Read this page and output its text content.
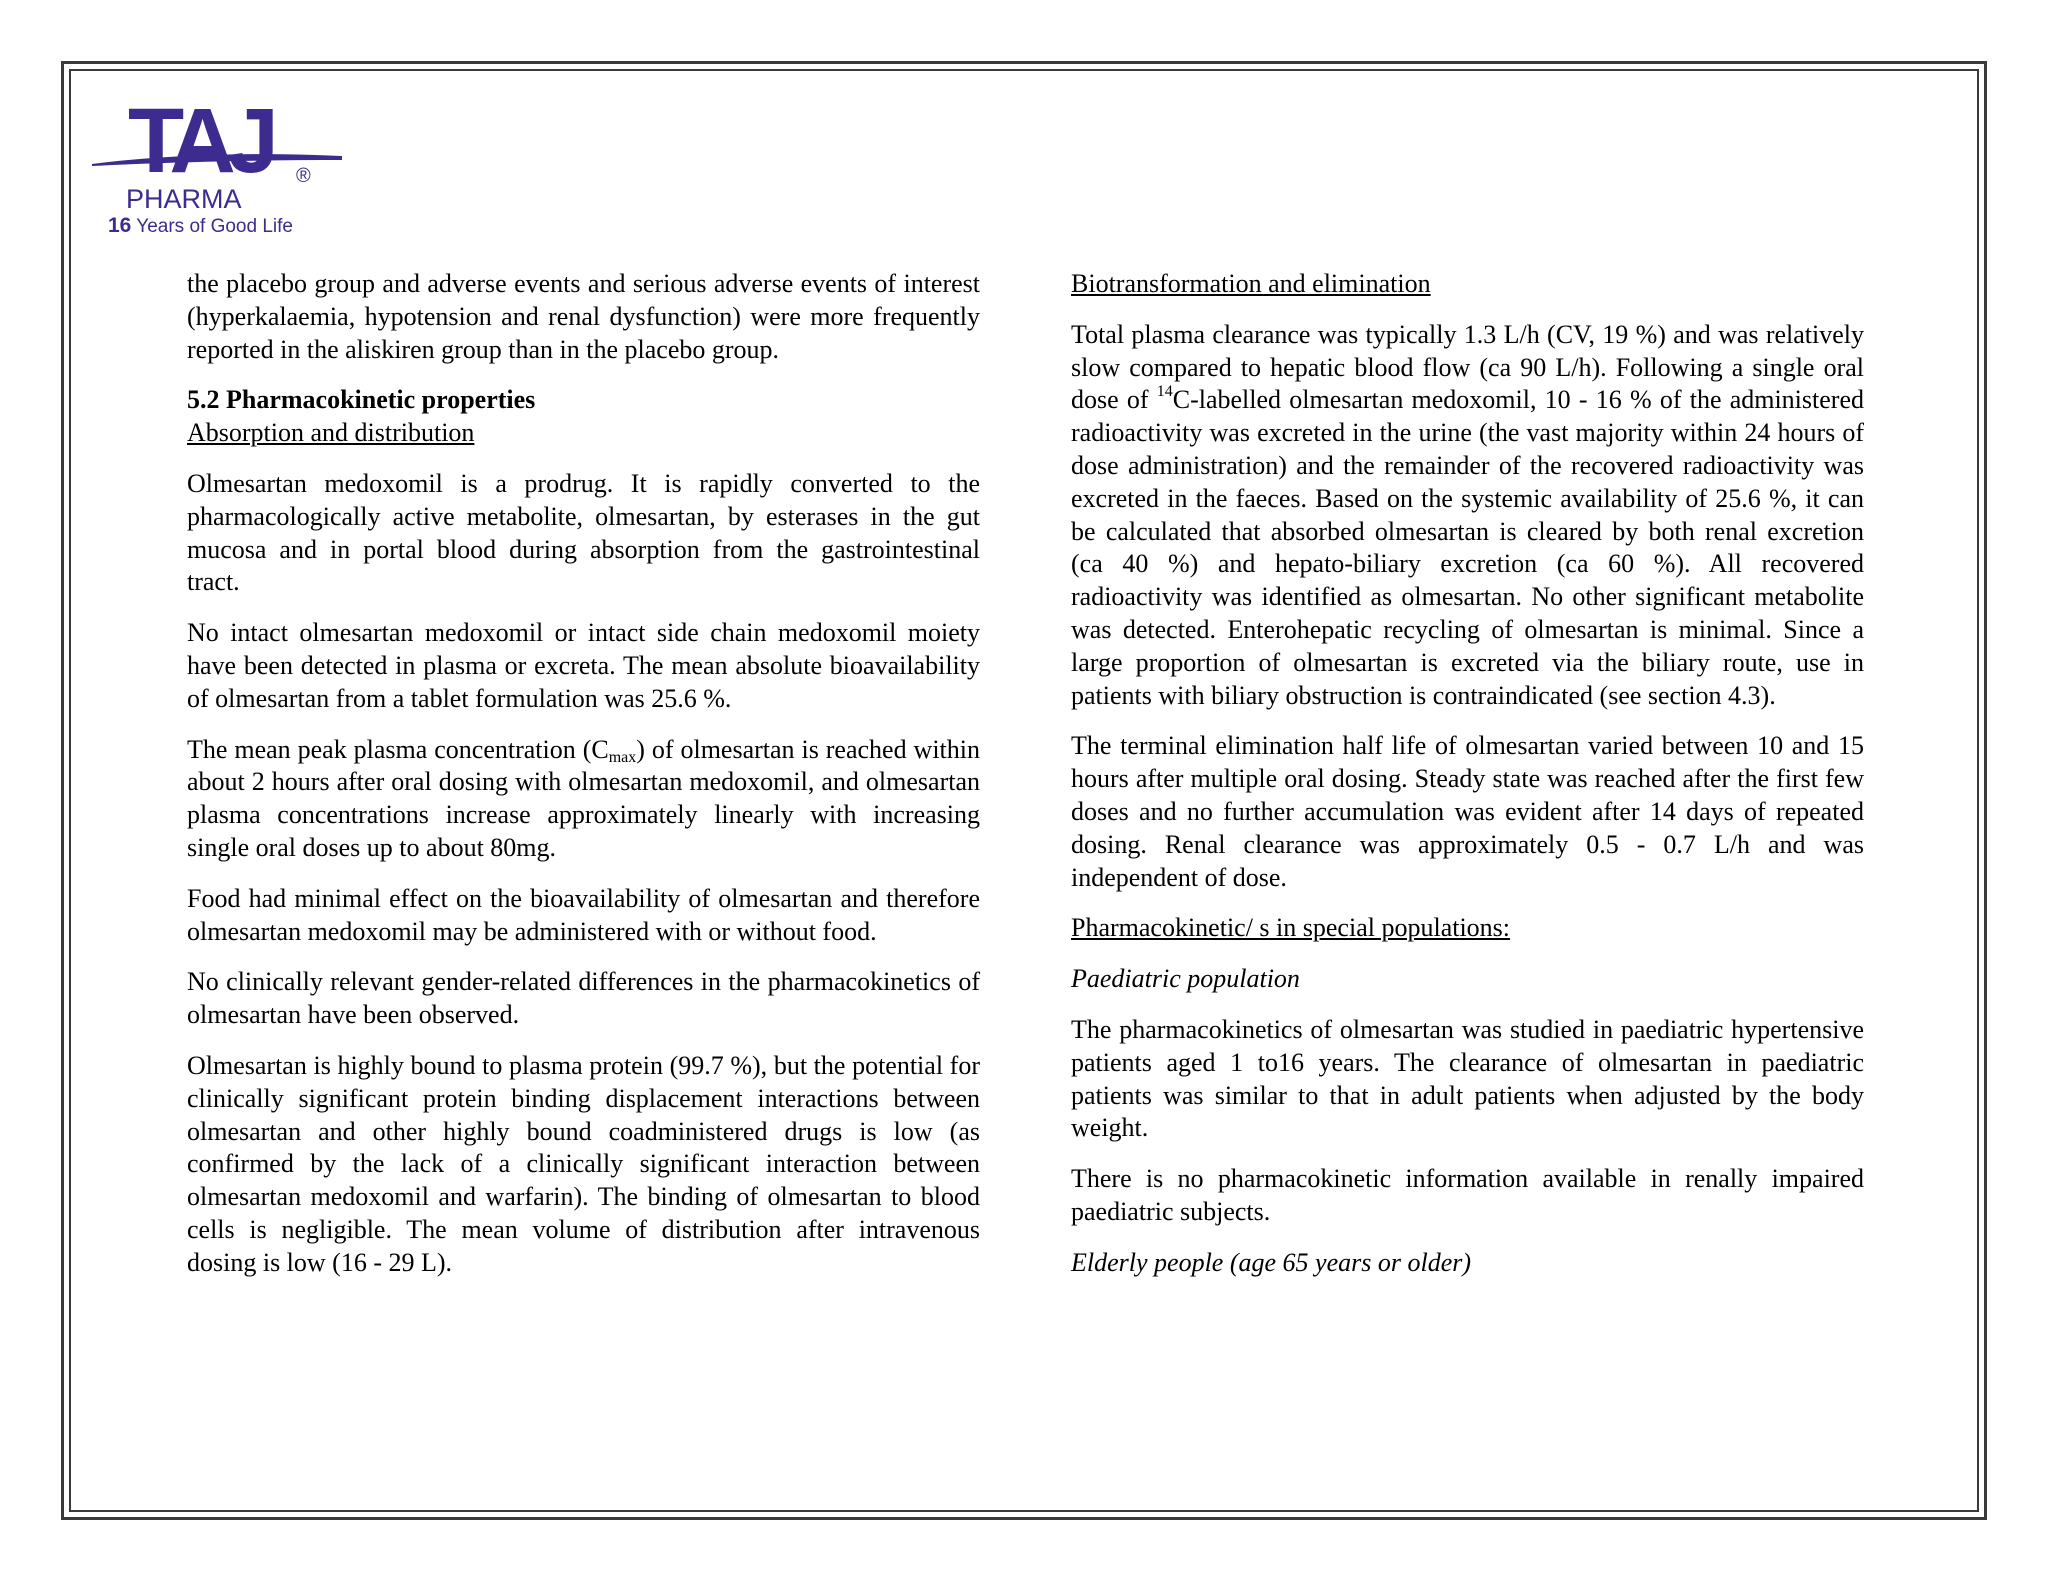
TAJ ®
PHARMA
16 Years of Good Life

the placebo group and adverse events and serious adverse events of interest (hyperkalaemia, hypotension and renal dysfunction) were more frequently reported in the aliskiren group than in the placebo group.

5.2 Pharmacokinetic properties
Absorption and distribution

Olmesartan medoxomil is a prodrug. It is rapidly converted to the pharmacologically active metabolite, olmesartan, by esterases in the gut mucosa and in portal blood during absorption from the gastrointestinal tract.

No intact olmesartan medoxomil or intact side chain medoxomil moiety have been detected in plasma or excreta. The mean absolute bioavailability of olmesartan from a tablet formulation was 25.6 %.

The mean peak plasma concentration $(C_{max})$ of olmesartan is reached within about 2 hours after oral dosing with olmesartan medoxomil, and olmesartan plasma concentrations increase approximately linearly with increasing single oral doses up to about 80mg.

Food had minimal effect on the bioavailability of olmesartan and therefore olmesartan medoxomil may be administered with or without food.

No clinically relevant gender-related differences in the pharmacokinetics of olmesartan have been observed.

Olmesartan is highly bound to plasma protein (99.7 %), but the potential for clinically significant protein binding displacement interactions between olmesartan and other highly bound coadministered drugs is low (as confirmed by the lack of a clinically significant interaction between olmesartan medoxomil and warfarin). The binding of olmesartan to blood cells is negligible. The mean volume of distribution after intravenous dosing is low (16 - 29 L).

Biotransformation and elimination

Total plasma clearance was typically 1.3 L/h (CV, 19 %) and was relatively slow compared to hepatic blood flow (ca 90 L/h). Following a single oral dose of $^{14}$C-labelled olmesartan medoxomil, 10 - 16 % of the administered radioactivity was excreted in the urine (the vast majority within 24 hours of dose administration) and the remainder of the recovered radioactivity was excreted in the faeces. Based on the systemic availability of 25.6 %, it can be calculated that absorbed olmesartan is cleared by both renal excretion (ca 40 %) and hepato-biliary excretion (ca 60 %). All recovered radioactivity was identified as olmesartan. No other significant metabolite was detected. Enterohepatic recycling of olmesartan is minimal. Since a large proportion of olmesartan is excreted via the biliary route, use in patients with biliary obstruction is contraindicated (see section 4.3).

The terminal elimination half life of olmesartan varied between 10 and 15 hours after multiple oral dosing. Steady state was reached after the first few doses and no further accumulation was evident after 14 days of repeated dosing. Renal clearance was approximately 0.5 - 0.7 L/h and was independent of dose.

Pharmacokinetic/ s in special populations:

Paediatric population

The pharmacokinetics of olmesartan was studied in paediatric hypertensive patients aged 1 to16 years. The clearance of olmesartan in paediatric patients was similar to that in adult patients when adjusted by the body weight.

There is no pharmacokinetic information available in renally impaired paediatric subjects.

Elderly people (age 65 years or older)
